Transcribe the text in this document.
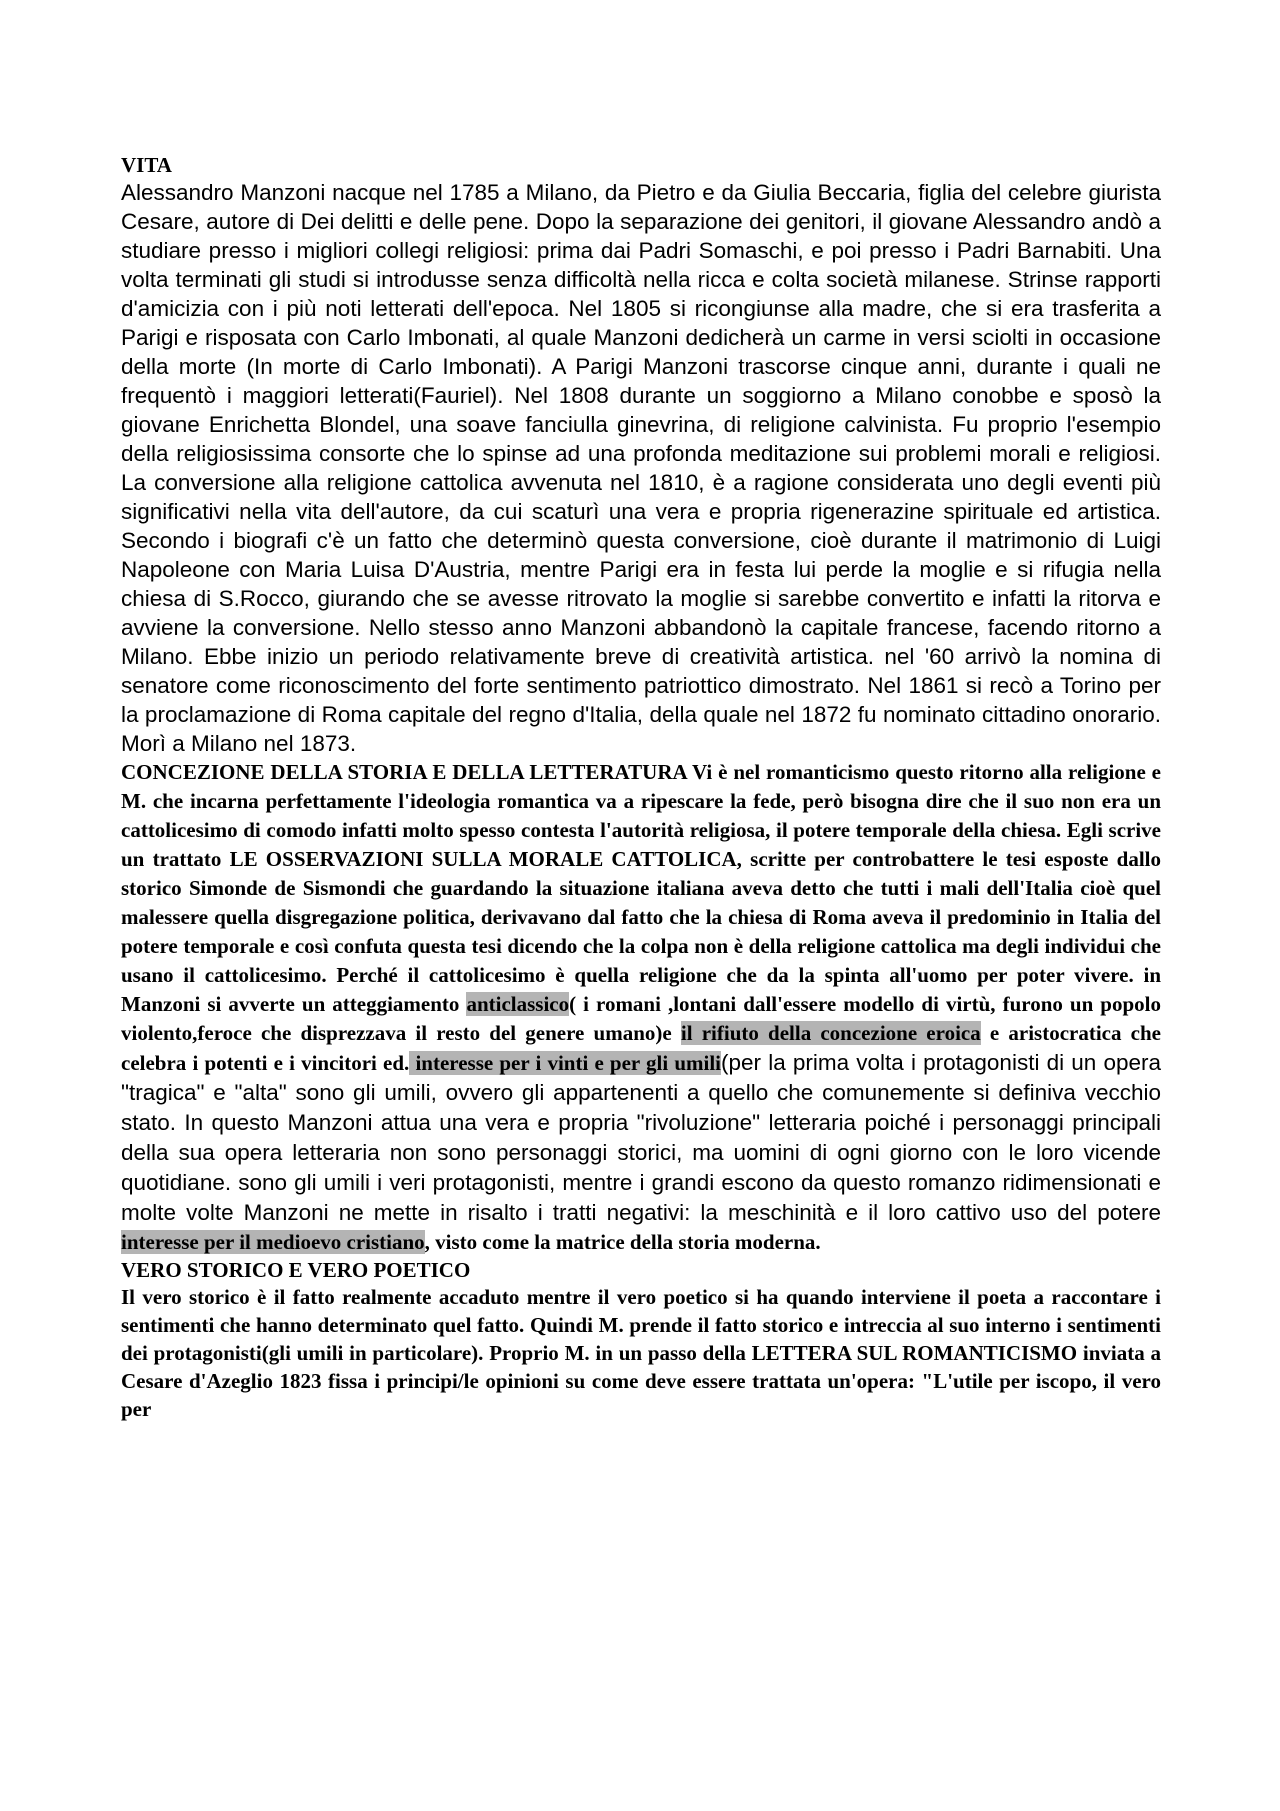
VITA

Alessandro Manzoni nacque nel 1785 a Milano, da Pietro e da Giulia Beccaria, figlia del celebre giurista Cesare, autore di Dei delitti e delle pene. Dopo la separazione dei genitori, il giovane Alessandro andò a studiare presso i migliori collegi religiosi: prima dai Padri Somaschi, e poi presso i Padri Barnabiti. Una volta terminati gli studi si introdusse senza difficoltà nella ricca e colta società milanese. Strinse rapporti d'amicizia con i più noti letterati dell'epoca. Nel 1805 si ricongiunse alla madre, che si era trasferita a Parigi e risposata con Carlo Imbonati, al quale Manzoni dedicherà un carme in versi sciolti in occasione della morte (In morte di Carlo Imbonati). A Parigi Manzoni trascorse cinque anni, durante i quali ne frequentò i maggiori letterati(Fauriel). Nel 1808 durante un soggiorno a Milano conobbe e sposò la giovane Enrichetta Blondel, una soave fanciulla ginevrina, di religione calvinista. Fu proprio l'esempio della religiosissima consorte che lo spinse ad una profonda meditazione sui problemi morali e religiosi. La conversione alla religione cattolica avvenuta nel 1810, è a ragione considerata uno degli eventi più significativi nella vita dell'autore, da cui scaturì una vera e propria rigenerazine spirituale ed artistica. Secondo i biografi c'è un fatto che determinò questa conversione, cioè durante il matrimonio di Luigi Napoleone con Maria Luisa D'Austria, mentre Parigi era in festa lui perde la moglie e si rifugia nella chiesa di S.Rocco, giurando che se avesse ritrovato la moglie si sarebbe convertito e infatti la ritorva e avviene la conversione. Nello stesso anno Manzoni abbandonò la capitale francese, facendo ritorno a Milano. Ebbe inizio un periodo relativamente breve di creatività artistica. nel '60 arrivò la nomina di senatore come riconoscimento del forte sentimento patriottico dimostrato. Nel 1861 si recò a Torino per la proclamazione di Roma capitale del regno d'Italia, della quale nel 1872 fu nominato cittadino onorario. Morì a Milano nel 1873.

CONCEZIONE DELLA STORIA E DELLA LETTERATURA Vi è nel romanticismo questo ritorno alla religione e M. che incarna perfettamente l'ideologia romantica va a ripescare la fede, però bisogna dire che il suo non era un cattolicesimo di comodo infatti molto spesso contesta l'autorità religiosa, il potere temporale della chiesa. Egli scrive un trattato LE OSSERVAZIONI SULLA MORALE CATTOLICA, scritte per controbattere le tesi esposte dallo storico Simonde de Sismondi che guardando la situazione italiana aveva detto che tutti i mali dell'Italia cioè quel malessere quella disgregazione politica, derivavano dal fatto che la chiesa di Roma aveva il predominio in Italia del potere temporale e così confuta questa tesi dicendo che la colpa non è della religione cattolica ma degli individui che usano il cattolicesimo. Perché il cattolicesimo è quella religione che da la spinta all'uomo per poter vivere. in Manzoni si avverte un atteggiamento anticlassico( i romani ,lontani dall'essere modello di virtù, furono un popolo violento,feroce che disprezzava il resto del genere umano)e il rifiuto della concezione eroica e aristocratica che celebra i potenti e i vincitori ed. interesse per i vinti e per gli umili(per la prima volta i protagonisti di un opera "tragica" e "alta" sono gli umili, ovvero gli appartenenti a quello che comunemente si definiva vecchio stato. In questo Manzoni attua una vera e propria "rivoluzione" letteraria poiché i personaggi principali della sua opera letteraria non sono personaggi storici, ma uomini di ogni giorno con le loro vicende quotidiane. sono gli umili i veri protagonisti, mentre i grandi escono da questo romanzo ridimensionati e molte volte Manzoni ne mette in risalto i tratti negativi: la meschinità e il loro cattivo uso del potere interesse per il medioevo cristiano, visto come la matrice della storia moderna.

VERO STORICO E VERO POETICO

Il vero storico è il fatto realmente accaduto mentre il vero poetico si ha quando interviene il poeta a raccontare i sentimenti che hanno determinato quel fatto. Quindi M. prende il fatto storico e intreccia al suo interno i sentimenti dei protagonisti(gli umili in particolare). Proprio M. in un passo della LETTERA SUL ROMANTICISMO inviata a Cesare d'Azeglio 1823 fissa i principi/le opinioni su come deve essere trattata un'opera: "L'utile per iscopo, il vero per
